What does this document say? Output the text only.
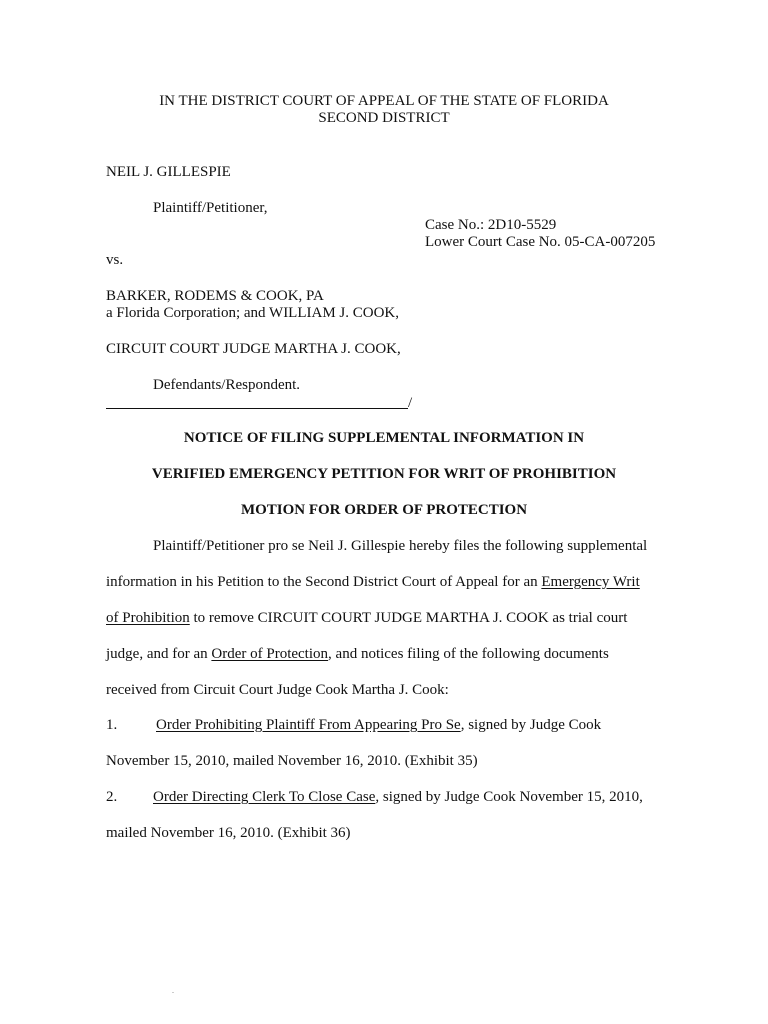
IN THE DISTRICT COURT OF APPEAL OF THE STATE OF FLORIDA
SECOND DISTRICT
NEIL J. GILLESPIE
Plaintiff/Petitioner,
Case No.: 2D10-5529
Lower Court Case No. 05-CA-007205
vs.
BARKER, RODEMS & COOK, PA
a Florida Corporation; and WILLIAM J. COOK,
CIRCUIT COURT JUDGE MARTHA J. COOK,
Defendants/Respondent.
/
NOTICE OF FILING SUPPLEMENTAL INFORMATION IN
VERIFIED EMERGENCY PETITION FOR WRIT OF PROHIBITION
MOTION FOR ORDER OF PROTECTION
Plaintiff/Petitioner pro se Neil J. Gillespie hereby files the following supplemental
information in his Petition to the Second District Court of Appeal for an Emergency Writ
of Prohibition to remove CIRCUIT COURT JUDGE MARTHA J. COOK as trial court
judge, and for an Order of Protection, and notices filing of the following documents
received from Circuit Court Judge Cook Martha J. Cook:
1.	Order Prohibiting Plaintiff From Appearing Pro Se, signed by Judge Cook
November 15, 2010, mailed November 16, 2010. (Exhibit 35)
2. Order Directing Clerk To Close Case, signed by Judge Cook November 15, 2010,
mailed November 16, 2010. (Exhibit 36)
